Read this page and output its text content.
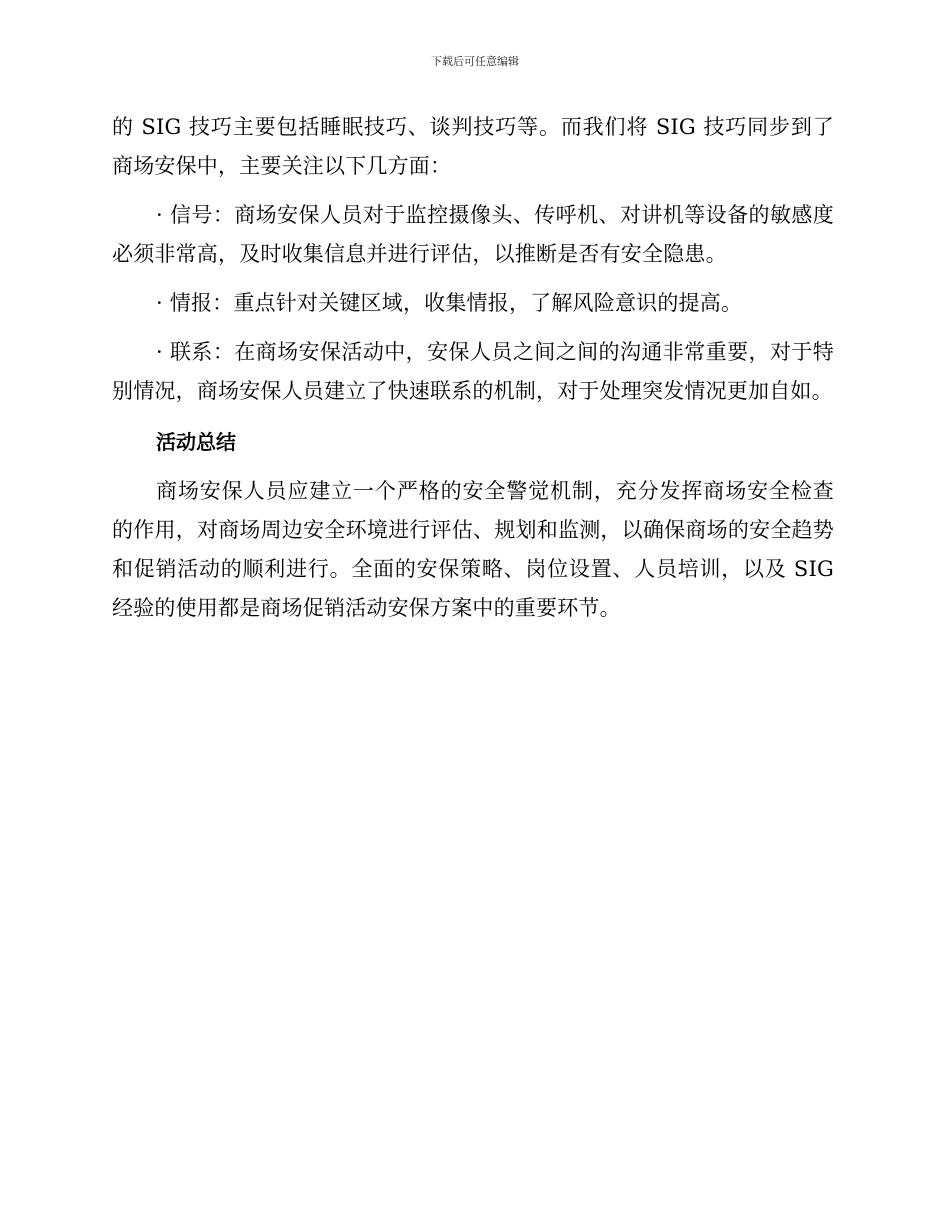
下载后可任意编辑

的 SIG 技巧主要包括睡眠技巧、谈判技巧等。而我们将 SIG 技巧同步到了商场安保中，主要关注以下几方面：

· 信号：商场安保人员对于监控摄像头、传呼机、对讲机等设备的敏感度必须非常高，及时收集信息并进行评估，以推断是否有安全隐患。

· 情报：重点针对关键区域，收集情报，了解风险意识的提高。

· 联系：在商场安保活动中，安保人员之间之间的沟通非常重要，对于特别情况，商场安保人员建立了快速联系的机制，对于处理突发情况更加自如。

活动总结

商场安保人员应建立一个严格的安全警觉机制，充分发挥商场安全检查的作用，对商场周边安全环境进行评估、规划和监测，以确保商场的安全趋势和促销活动的顺利进行。全面的安保策略、岗位设置、人员培训，以及 SIG 经验的使用都是商场促销活动安保方案中的重要环节。
